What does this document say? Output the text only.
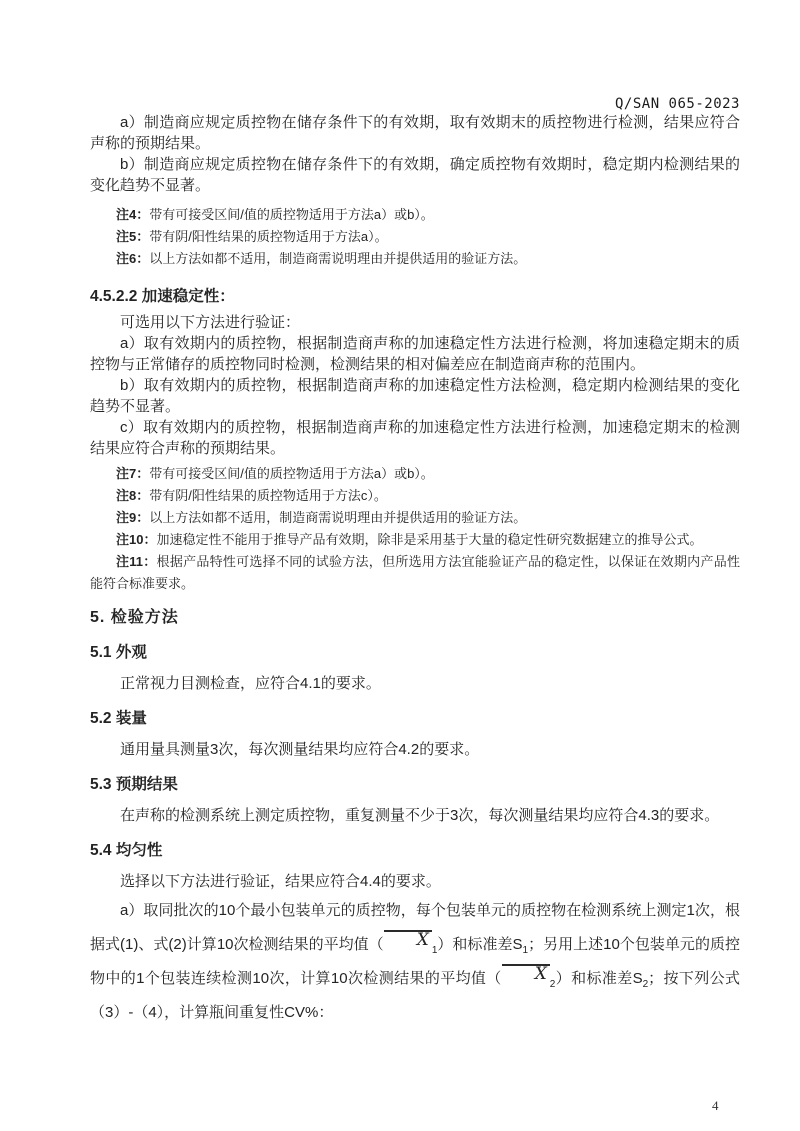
Q/SAN 065-2023

a）制造商应规定质控物在储存条件下的有效期，取有效期末的质控物进行检测，结果应符合声称的预期结果。

b）制造商应规定质控物在储存条件下的有效期，确定质控物有效期时，稳定期内检测结果的变化趋势不显著。

注4：带有可接受区间/值的质控物适用于方法a）或b）。

注5：带有阴/阳性结果的质控物适用于方法a）。

注6：以上方法如都不适用，制造商需说明理由并提供适用的验证方法。

4.5.2.2 加速稳定性：

可选用以下方法进行验证：

a）取有效期内的质控物，根据制造商声称的加速稳定性方法进行检测，将加速稳定期末的质控物与正常储存的质控物同时检测，检测结果的相对偏差应在制造商声称的范围内。

b）取有效期内的质控物，根据制造商声称的加速稳定性方法检测，稳定期内检测结果的变化趋势不显著。

c）取有效期内的质控物，根据制造商声称的加速稳定性方法进行检测，加速稳定期末的检测结果应符合声称的预期结果。

注7：带有可接受区间/值的质控物适用于方法a）或b）。

注8：带有阴/阳性结果的质控物适用于方法c）。

注9：以上方法如都不适用，制造商需说明理由并提供适用的验证方法。

注10：加速稳定性不能用于推导产品有效期，除非是采用基于大量的稳定性研究数据建立的推导公式。

注11：根据产品特性可选择不同的试验方法，但所选用方法宜能验证产品的稳定性，以保证在效期内产品性能符合标准要求。

5. 检验方法
5.1 外观

正常视力目测检查，应符合4.1的要求。

5.2 装量

通用量具测量3次，每次测量结果均应符合4.2的要求。

5.3 预期结果

在声称的检测系统上测定质控物，重复测量不少于3次，每次测量结果均应符合4.3的要求。

5.4 均匀性

选择以下方法进行验证，结果应符合4.4的要求。

a）取同批次的10个最小包装单元的质控物，每个包装单元的质控物在检测系统上测定1次，根据式(1)、式(2)计算10次检测结果的平均值（ $X_1$）和标准差$S_1$；另用上述10个包装单元的质控物中的1个包装连续检测10次，计算10次检测结果的平均值（ $X_2$）和标准差$S_2$；按下列公式（3）-（4），计算瓶间重复性CV%：

4
